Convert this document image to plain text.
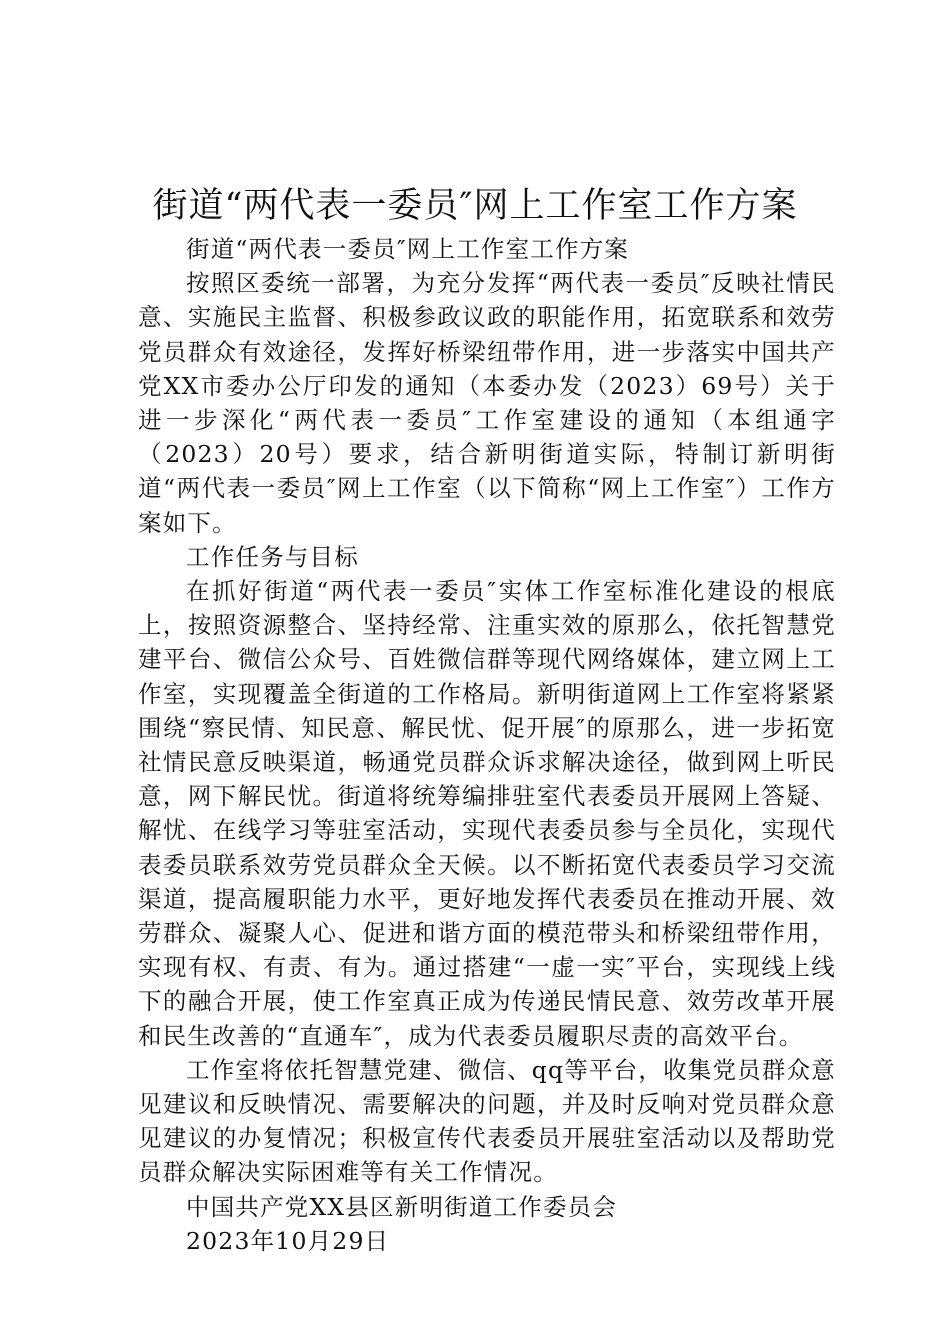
街道“两代表一委员″网上工作室工作方案

街道“两代表一委员″网上工作室工作方案

按照区委统一部署，为充分发挥“两代表一委员″反映社情民意、实施民主监督、积极参政议政的职能作用，拓宽联系和效劳党员群众有效途径，发挥好桥梁纽带作用，进一步落实中国共产党XX市委办公厅印发的通知（本委办发（2023）69号）关于进一步深化“两代表一委员″工作室建设的通知（本组通字（2023）20号）要求，结合新明街道实际，特制订新明街道“两代表一委员″网上工作室（以下简称“网上工作室″）工作方案如下。

工作任务与目标

在抓好街道“两代表一委员″实体工作室标准化建设的根底上，按照资源整合、坚持经常、注重实效的原那么，依托智慧党建平台、微信公众号、百姓微信群等现代网络媒体，建立网上工作室，实现覆盖全街道的工作格局。新明街道网上工作室将紧紧围绕“察民情、知民意、解民忧、促开展″的原那么，进一步拓宽社情民意反映渠道，畅通党员群众诉求解决途径，做到网上听民意，网下解民忧。街道将统筹编排驻室代表委员开展网上答疑、解忧、在线学习等驻室活动，实现代表委员参与全员化，实现代表委员联系效劳党员群众全天候。以不断拓宽代表委员学习交流渠道，提高履职能力水平，更好地发挥代表委员在推动开展、效劳群众、凝聚人心、促进和谐方面的模范带头和桥梁纽带作用，实现有权、有责、有为。通过搭建“一虚一实″平台，实现线上线下的融合开展，使工作室真正成为传递民情民意、效劳改革开展和民生改善的“直通车″，成为代表委员履职尽责的高效平台。

工作室将依托智慧党建、微信、qq等平台，收集党员群众意见建议和反映情况、需要解决的问题，并及时反响对党员群众意见建议的办复情况；积极宣传代表委员开展驻室活动以及帮助党员群众解决实际困难等有关工作情况。

中国共产党XX县区新明街道工作委员会

2023年10月29日
